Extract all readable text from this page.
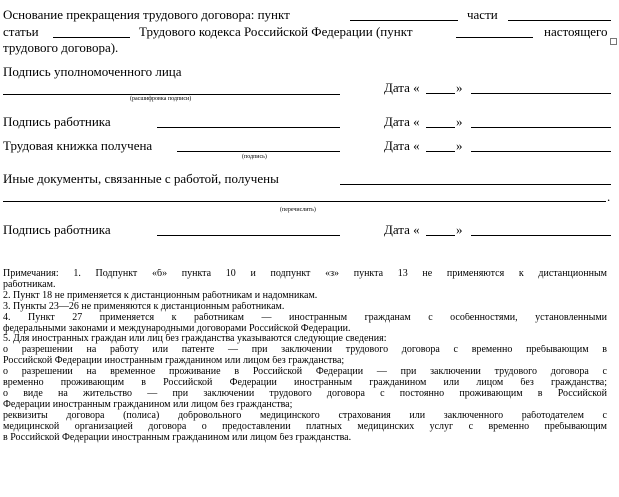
Основание прекращения трудового договора: пункт	части
статьи	Трудового кодекса Российской Федерации (пункт	настоящего
трудового договора).
Подпись уполномоченного лица
(расшифровка подписи)
Дата «	»
Подпись работника	Дата «	»
Трудовая книжка получена
(подпись)
Дата «	»
Иные документы, связанные с работой, получены
.
(перечислить)
Подпись работника	Дата «	»
Примечания: 1. Подпункт «б» пункта 10 и подпункт «з» пункта 13 не применяются к дистанционным
работникам.
2. Пункт 18 не применяется к дистанционным работникам и надомникам.
3. Пункты 23—26 не применяются к дистанционным работникам.
4. Пункт 27 применяется к работникам — иностранным гражданам с особенностями, установленными
федеральными законами и международными договорами Российской Федерации.
5. Для иностранных граждан или лиц без гражданства указываются следующие сведения:
о разрешении на работу или патенте — при заключении трудового договора с временно пребывающим в
Российской Федерации иностранным гражданином или лицом без гражданства;
о разрешении на временное проживание в Российской Федерации — при заключении трудового договора с
временно проживающим в Российской Федерации иностранным гражданином или лицом без гражданства;
о виде на жительство — при заключении трудового договора с постоянно проживающим в Российской
Федерации иностранным гражданином или лицом без гражданства;
реквизиты договора (полиса) добровольного медицинского страхования или заключенного работодателем с
медицинской организацией договора о предоставлении платных медицинских услуг с временно пребывающим
в Российской Федерации иностранным гражданином или лицом без гражданства.
